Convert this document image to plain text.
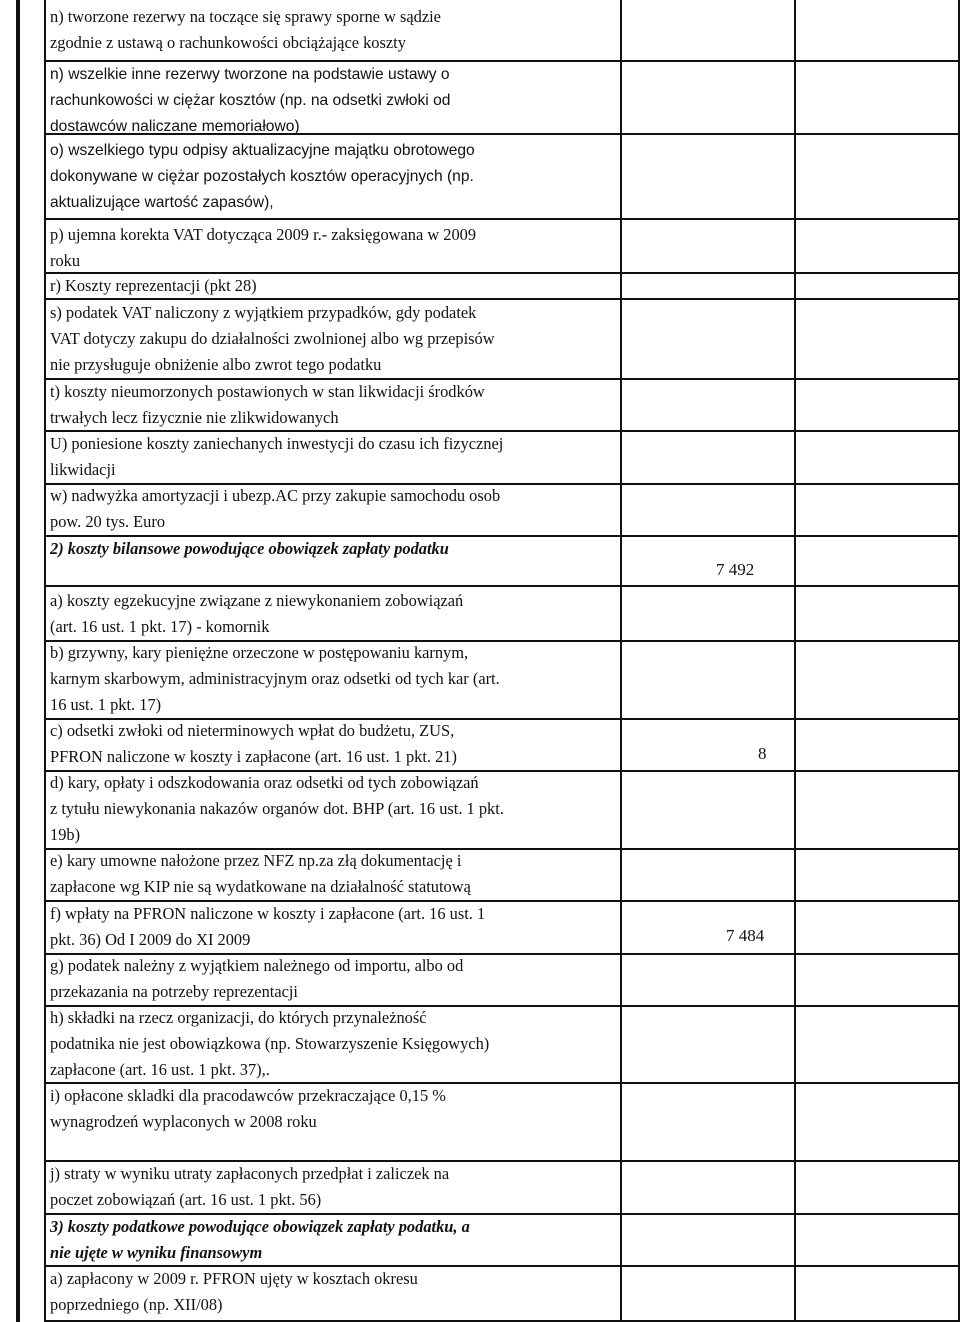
n) tworzone rezerwy na toczące się sprawy sporne w sądzie
zgodnie z ustawą o rachunkowości obciążające koszty
n) wszelkie inne rezerwy tworzone na podstawie ustawy o
rachunkowości w ciężar kosztów (np. na odsetki zwłoki od
dostawców naliczane memoriałowo)
o) wszelkiego typu odpisy aktualizacyjne majątku obrotowego
dokonywane w ciężar pozostałych kosztów operacyjnych (np.
aktualizujące wartość zapasów),
p) ujemna korekta VAT dotycząca 2009 r.- zaksięgowana w 2009
roku
r) Koszty reprezentacji (pkt 28)
s) podatek VAT naliczony z wyjątkiem przypadków, gdy podatek
VAT dotyczy zakupu do działalności zwolnionej albo wg przepisów
nie przysługuje obniżenie albo zwrot tego podatku
t) koszty nieumorzonych postawionych w stan likwidacji środków
trwałych lecz fizycznie nie zlikwidowanych
U) poniesione koszty zaniechanych inwestycji do czasu ich fizycznej
likwidacji
w) nadwyżka amortyzacji i ubezp.AC przy zakupie samochodu osob
pow. 20 tys. Euro
2) koszty bilansowe powodujące obowiązek zapłaty podatku
a) koszty egzekucyjne związane z niewykonaniem zobowiązań
(art. 16 ust. 1 pkt. 17) - komornik
b) grzywny, kary pieniężne orzeczone w postępowaniu karnym,
karnym skarbowym, administracyjnym oraz odsetki od tych kar (art.
16 ust. 1 pkt. 17)
c) odsetki zwłoki od nieterminowych wpłat do budżetu, ZUS,
PFRON naliczone w koszty i zapłacone (art. 16 ust. 1 pkt. 21)
d) kary, opłaty i odszkodowania oraz odsetki od tych zobowiązań
z tytułu niewykonania nakazów organów dot. BHP (art. 16 ust. 1 pkt.
19b)
e) kary umowne nałożone przez NFZ np.za złą dokumentację i
zapłacone wg KIP nie są wydatkowane na działalność statutową
f) wpłaty na PFRON naliczone w koszty i zapłacone (art. 16 ust. 1
pkt. 36) Od I 2009 do XI 2009
g) podatek należny z wyjątkiem należnego od importu, albo od
przekazania na potrzeby reprezentacji
h) składki na rzecz organizacji, do których przynależność
podatnika nie jest obowiązkowa (np. Stowarzyszenie Księgowych)
zapłacone (art. 16 ust. 1 pkt. 37),.
i) opłacone skladki dla pracodawców przekraczające 0,15 %
wynagrodzeń wyplaconych w 2008 roku
j) straty w wyniku utraty zapłaconych przedpłat i zaliczek na
poczet zobowiązań (art. 16 ust. 1 pkt. 56)
3) koszty podatkowe powodujące obowiązek zapłaty podatku, a
nie ujęte w wyniku finansowym
a) zapłacony w 2009 r. PFRON ujęty w kosztach okresu
poprzedniego (np. XII/08)
7 492
8
7 484
